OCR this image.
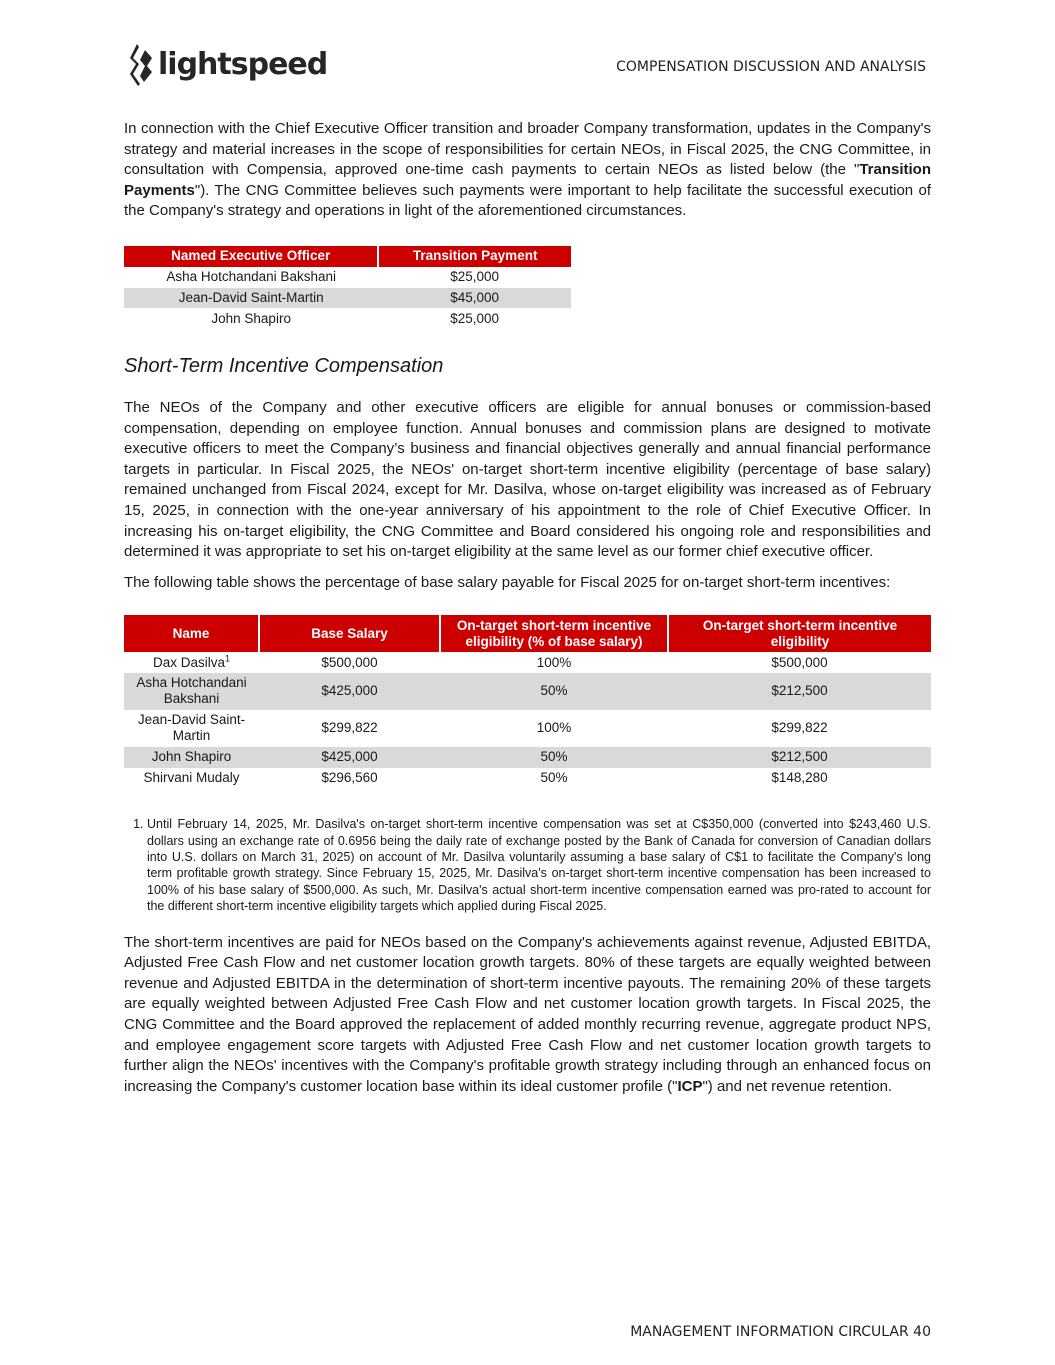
lightspeed	COMPENSATION DISCUSSION AND ANALYSIS

In connection with the Chief Executive Officer transition and broader Company transformation, updates in the Company's strategy and material increases in the scope of responsibilities for certain NEOs, in Fiscal 2025, the CNG Committee, in consultation with Compensia, approved one-time cash payments to certain NEOs as listed below (the "Transition Payments"). The CNG Committee believes such payments were important to help facilitate the successful execution of the Company's strategy and operations in light of the aforementioned circumstances.

Named Executive Officer	Transition Payment
Asha Hotchandani Bakshani	$25,000
Jean-David Saint-Martin	$45,000
John Shapiro	$25,000
Short-Term Incentive Compensation

The NEOs of the Company and other executive officers are eligible for annual bonuses or commission-based compensation, depending on employee function. Annual bonuses and commission plans are designed to motivate executive officers to meet the Company’s business and financial objectives generally and annual financial performance targets in particular. In Fiscal 2025, the NEOs' on-target short-term incentive eligibility (percentage of base salary) remained unchanged from Fiscal 2024, except for Mr. Dasilva, whose on-target eligibility was increased as of February 15, 2025, in connection with the one-year anniversary of his appointment to the role of Chief Executive Officer. In increasing his on-target eligibility, the CNG Committee and Board considered his ongoing role and responsibilities and determined it was appropriate to set his on-target eligibility at the same level as our former chief executive officer.

The following table shows the percentage of base salary payable for Fiscal 2025 for on-target short-term incentives:

Name	Base Salary	On-target short-term incentive eligibility (% of base salary)	On-target short-term incentive eligibility
Dax Dasilva$^1$	$500,000	100%	$500,000
Asha Hotchandani Bakshani	$425,000	50%	$212,500
Jean-David Saint-Martin	$299,822	100%	$299,822
John Shapiro	$425,000	50%	$212,500
Shirvani Mudaly	$296,560	50%	$148,280
1. Until February 14, 2025, Mr. Dasilva's on-target short-term incentive compensation was set at C$350,000 (converted into $243,460 U.S. dollars using an exchange rate of 0.6956 being the daily rate of exchange posted by the Bank of Canada for conversion of Canadian dollars into U.S. dollars on March 31, 2025) on account of Mr. Dasilva voluntarily assuming a base salary of C$1 to facilitate the Company's long term profitable growth strategy. Since February 15, 2025, Mr. Dasilva's on-target short-term incentive compensation has been increased to 100% of his base salary of $500,000. As such, Mr. Dasilva's actual short-term incentive compensation earned was pro-rated to account for the different short-term incentive eligibility targets which applied during Fiscal 2025.

The short-term incentives are paid for NEOs based on the Company's achievements against revenue, Adjusted EBITDA, Adjusted Free Cash Flow and net customer location growth targets. 80% of these targets are equally weighted between revenue and Adjusted EBITDA in the determination of short-term incentive payouts. The remaining 20% of these targets are equally weighted between Adjusted Free Cash Flow and net customer location growth targets. In Fiscal 2025, the CNG Committee and the Board approved the replacement of added monthly recurring revenue, aggregate product NPS, and employee engagement score targets with Adjusted Free Cash Flow and net customer location growth targets to further align the NEOs' incentives with the Company's profitable growth strategy including through an enhanced focus on increasing the Company's customer location base within its ideal customer profile ("ICP") and net revenue retention.

MANAGEMENT INFORMATION CIRCULAR 40
